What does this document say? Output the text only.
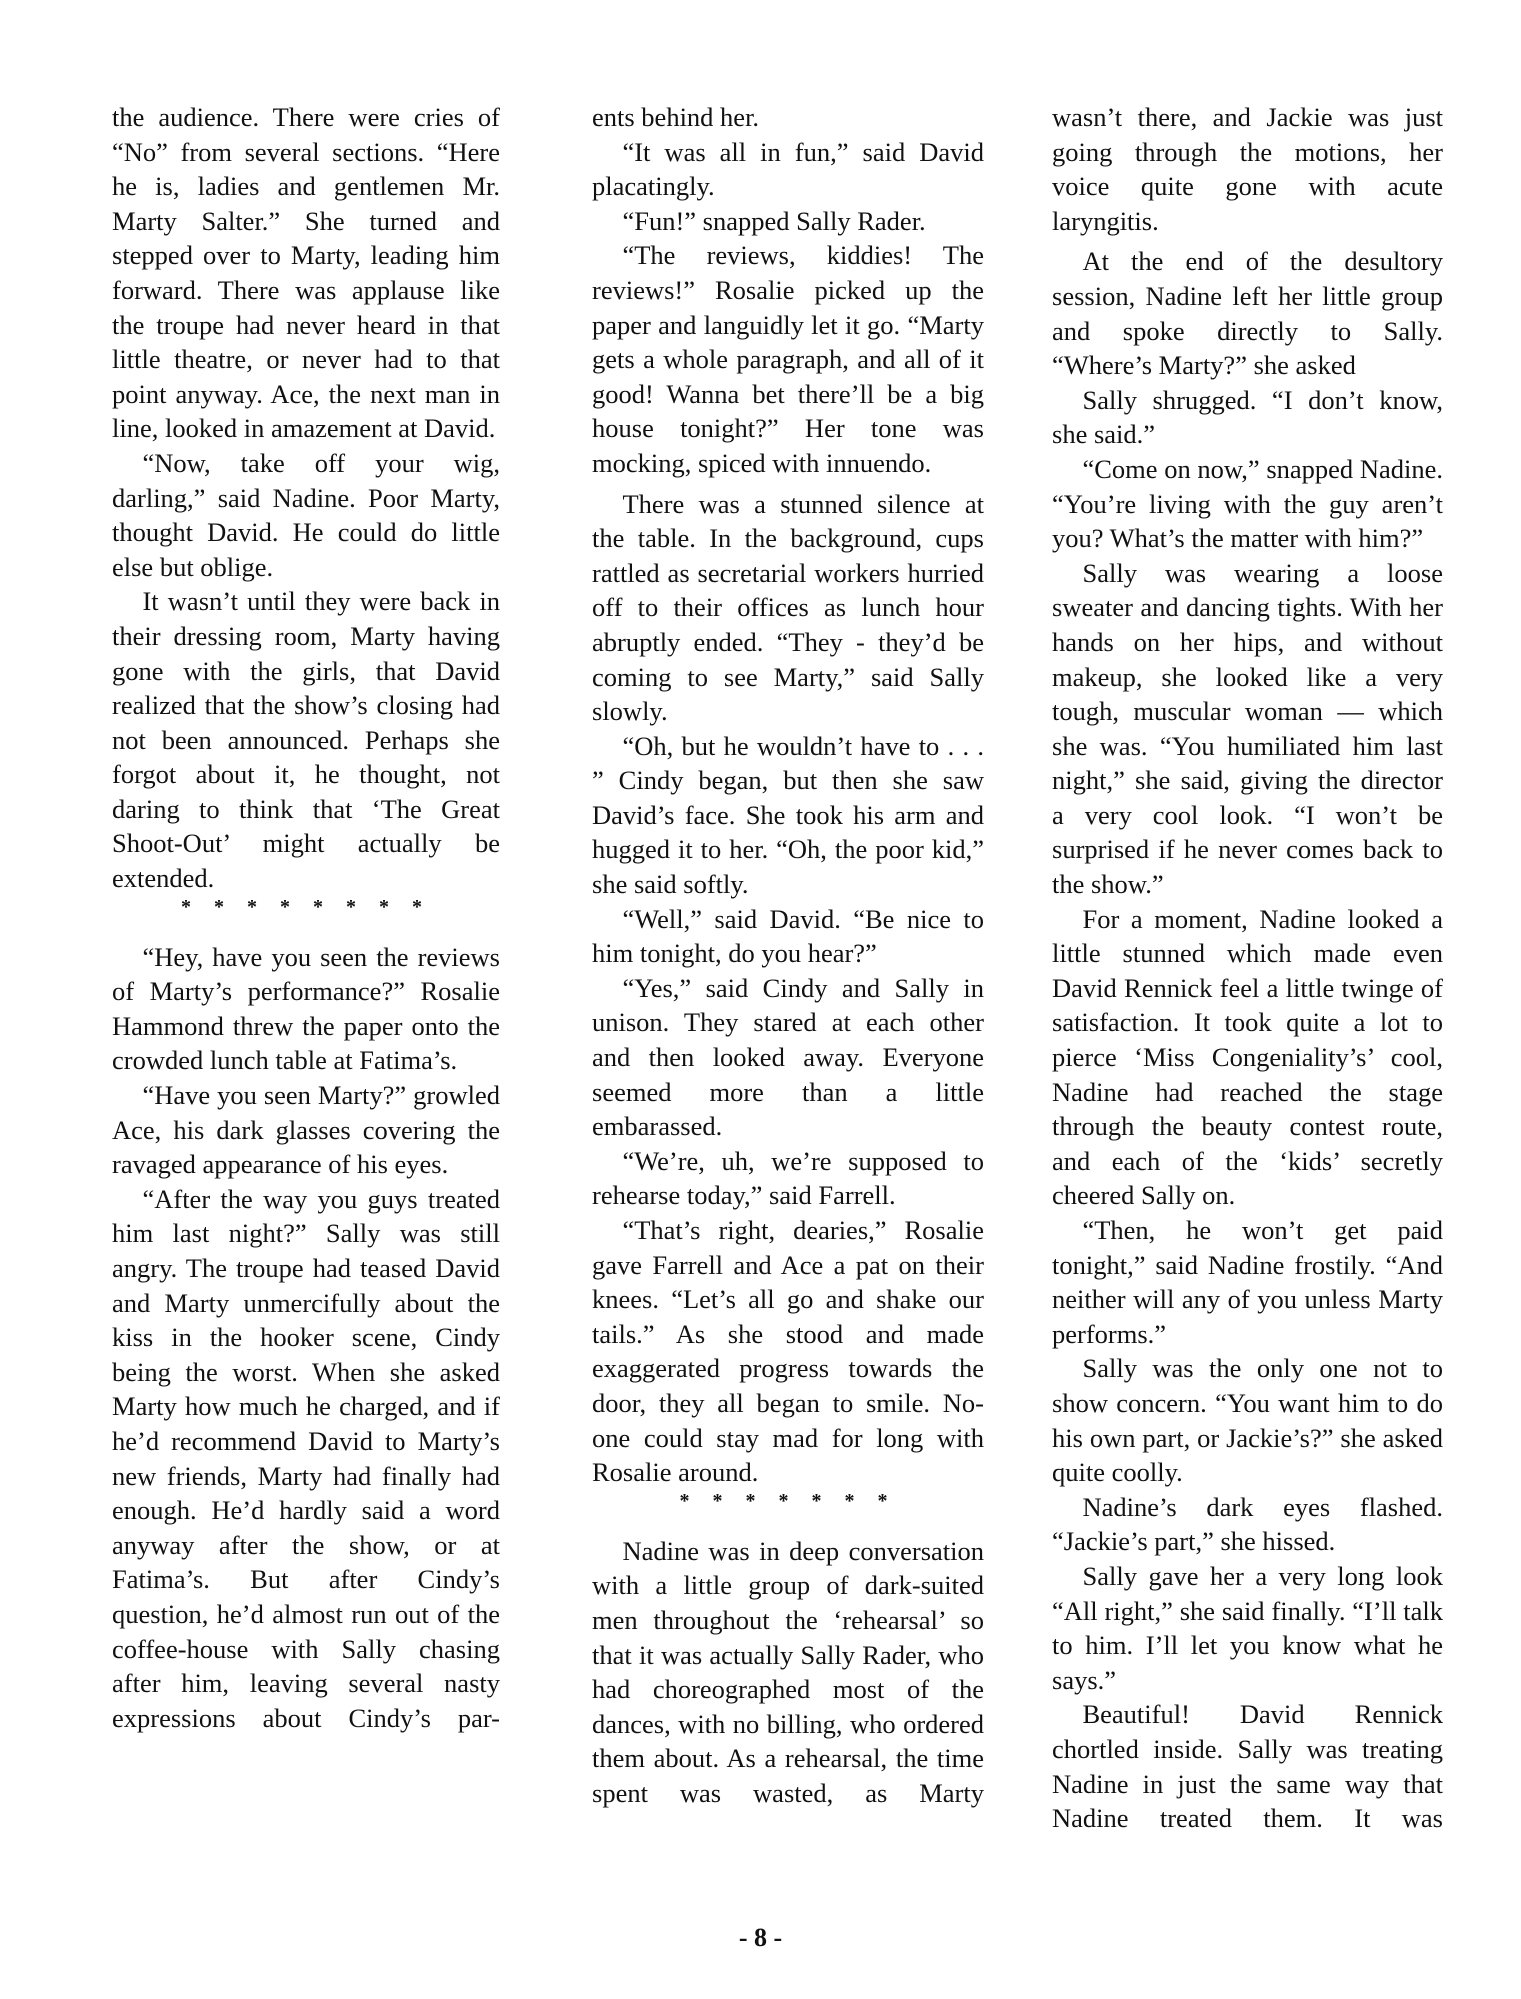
the audience. There were cries of “No” from several sections. “Here he is, ladies and gentlemen Mr. Marty Salter.” She turned and stepped over to Marty, leading him forward. There was applause like the troupe had never heard in that little theatre, or never had to that point anyway. Ace, the next man in line, looked in amazement at David.

“Now, take off your wig, darling,” said Nadine. Poor Marty, thought David. He could do little else but oblige.

It wasn’t until they were back in their dressing room, Marty having gone with the girls, that David realized that the show’s closing had not been announced. Perhaps she forgot about it, he thought, not daring to think that ‘The Great Shoot-Out’ might actually be extended.

* * * * * * * *

“Hey, have you seen the reviews of Marty’s performance?” Rosalie Hammond threw the paper onto the crowded lunch table at Fatima’s.

“Have you seen Marty?” growled Ace, his dark glasses covering the ravaged appearance of his eyes.

“After the way you guys treated him last night?” Sally was still angry. The troupe had teased David and Marty unmercifully about the kiss in the hooker scene, Cindy being the worst. When she asked Marty how much he charged, and if he’d recommend David to Marty’s new friends, Marty had finally had enough. He’d hardly said a word anyway after the show, or at Fatima’s. But after Cindy’s question, he’d almost run out of the coffee-house with Sally chasing after him, leaving several nasty expressions about Cindy’s par-

ents behind her.

“It was all in fun,” said David placatingly.

“Fun!” snapped Sally Rader.

“The reviews, kiddies! The reviews!” Rosalie picked up the paper and languidly let it go. “Marty gets a whole paragraph, and all of it good! Wanna bet there’ll be a big house tonight?” Her tone was mocking, spiced with innuendo.

There was a stunned silence at the table. In the background, cups rattled as secretarial workers hurried off to their offices as lunch hour abruptly ended. “They - they’d be coming to see Marty,” said Sally slowly.

“Oh, but he wouldn’t have to . . . ” Cindy began, but then she saw David’s face. She took his arm and hugged it to her. “Oh, the poor kid,” she said softly.

“Well,” said David. “Be nice to him tonight, do you hear?”

“Yes,” said Cindy and Sally in unison. They stared at each other and then looked away. Everyone seemed more than a little embarassed.

“We’re, uh, we’re supposed to rehearse today,” said Farrell.

“That’s right, dearies,” Rosalie gave Farrell and Ace a pat on their knees. “Let’s all go and shake our tails.” As she stood and made exaggerated progress towards the door, they all began to smile. No-one could stay mad for long with Rosalie around.

* * * * * * *

Nadine was in deep conversation with a little group of dark-suited men throughout the ‘rehearsal’ so that it was actually Sally Rader, who had choreographed most of the dances, with no billing, who ordered them about. As a rehearsal, the time spent was wasted, as Marty

wasn’t there, and Jackie was just going through the motions, her voice quite gone with acute laryngitis.

At the end of the desultory session, Nadine left her little group and spoke directly to Sally. “Where’s Marty?” she asked

Sally shrugged. “I don’t know, she said.”

“Come on now,” snapped Nadine. “You’re living with the guy aren’t you? What’s the matter with him?”

Sally was wearing a loose sweater and dancing tights. With her hands on her hips, and without makeup, she looked like a very tough, muscular woman — which she was. “You humiliated him last night,” she said, giving the director a very cool look. “I won’t be surprised if he never comes back to the show.”

For a moment, Nadine looked a little stunned which made even David Rennick feel a little twinge of satisfaction. It took quite a lot to pierce ‘Miss Congeniality’s’ cool, Nadine had reached the stage through the beauty contest route, and each of the ‘kids’ secretly cheered Sally on.

“Then, he won’t get paid tonight,” said Nadine frostily. “And neither will any of you unless Marty performs.”

Sally was the only one not to show concern. “You want him to do his own part, or Jackie’s?” she asked quite coolly.

Nadine’s dark eyes flashed. “Jackie’s part,” she hissed.

Sally gave her a very long look “All right,” she said finally. “I’ll talk to him. I’ll let you know what he says.”

Beautiful! David Rennick chortled inside. Sally was treating Nadine in just the same way that Nadine treated them. It was

- 8 -
